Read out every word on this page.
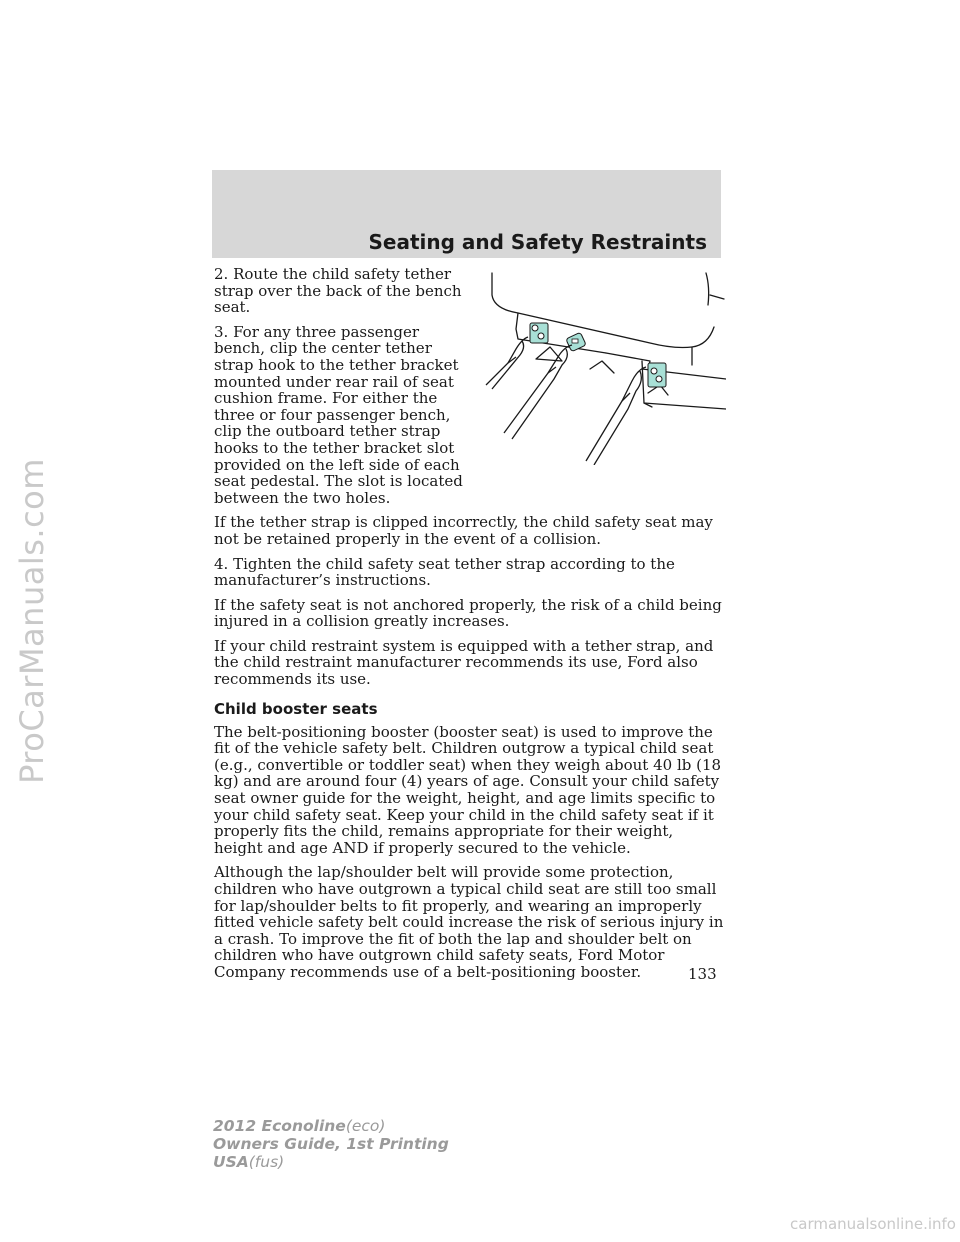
ProCarManuals.com
Seating and Safety Restraints

2. Route the child safety tether strap over the back of the bench seat.

3. For any three passenger bench, clip the center tether strap hook to the tether bracket mounted under rear rail of seat cushion frame. For either the three or four passenger bench, clip the outboard tether strap hooks to the tether bracket slot provided on the left side of each seat pedestal. The slot is located between the two holes.

If the tether strap is clipped incorrectly, the child safety seat may not be retained properly in the event of a collision.

4. Tighten the child safety seat tether strap according to the manufacturer’s instructions.

If the safety seat is not anchored properly, the risk of a child being injured in a collision greatly increases.

If your child restraint system is equipped with a tether strap, and the child restraint manufacturer recommends its use, Ford also recommends its use.

Child booster seats

The belt-positioning booster (booster seat) is used to improve the fit of the vehicle safety belt. Children outgrow a typical child seat (e.g., convertible or toddler seat) when they weigh about 40 lb (18 kg) and are around four (4) years of age. Consult your child safety seat owner guide for the weight, height, and age limits specific to your child safety seat. Keep your child in the child safety seat if it properly fits the child, remains appropriate for their weight, height and age AND if properly secured to the vehicle.

Although the lap/shoulder belt will provide some protection, children who have outgrown a typical child seat are still too small for lap/shoulder belts to fit properly, and wearing an improperly fitted vehicle safety belt could increase the risk of serious injury in a crash. To improve the fit of both the lap and shoulder belt on children who have outgrown child safety seats, Ford Motor Company recommends use of a belt-positioning booster.	133

2012 Econoline(eco)
Owners Guide, 1st Printing
USA(fus)
carmanualsonline.info
